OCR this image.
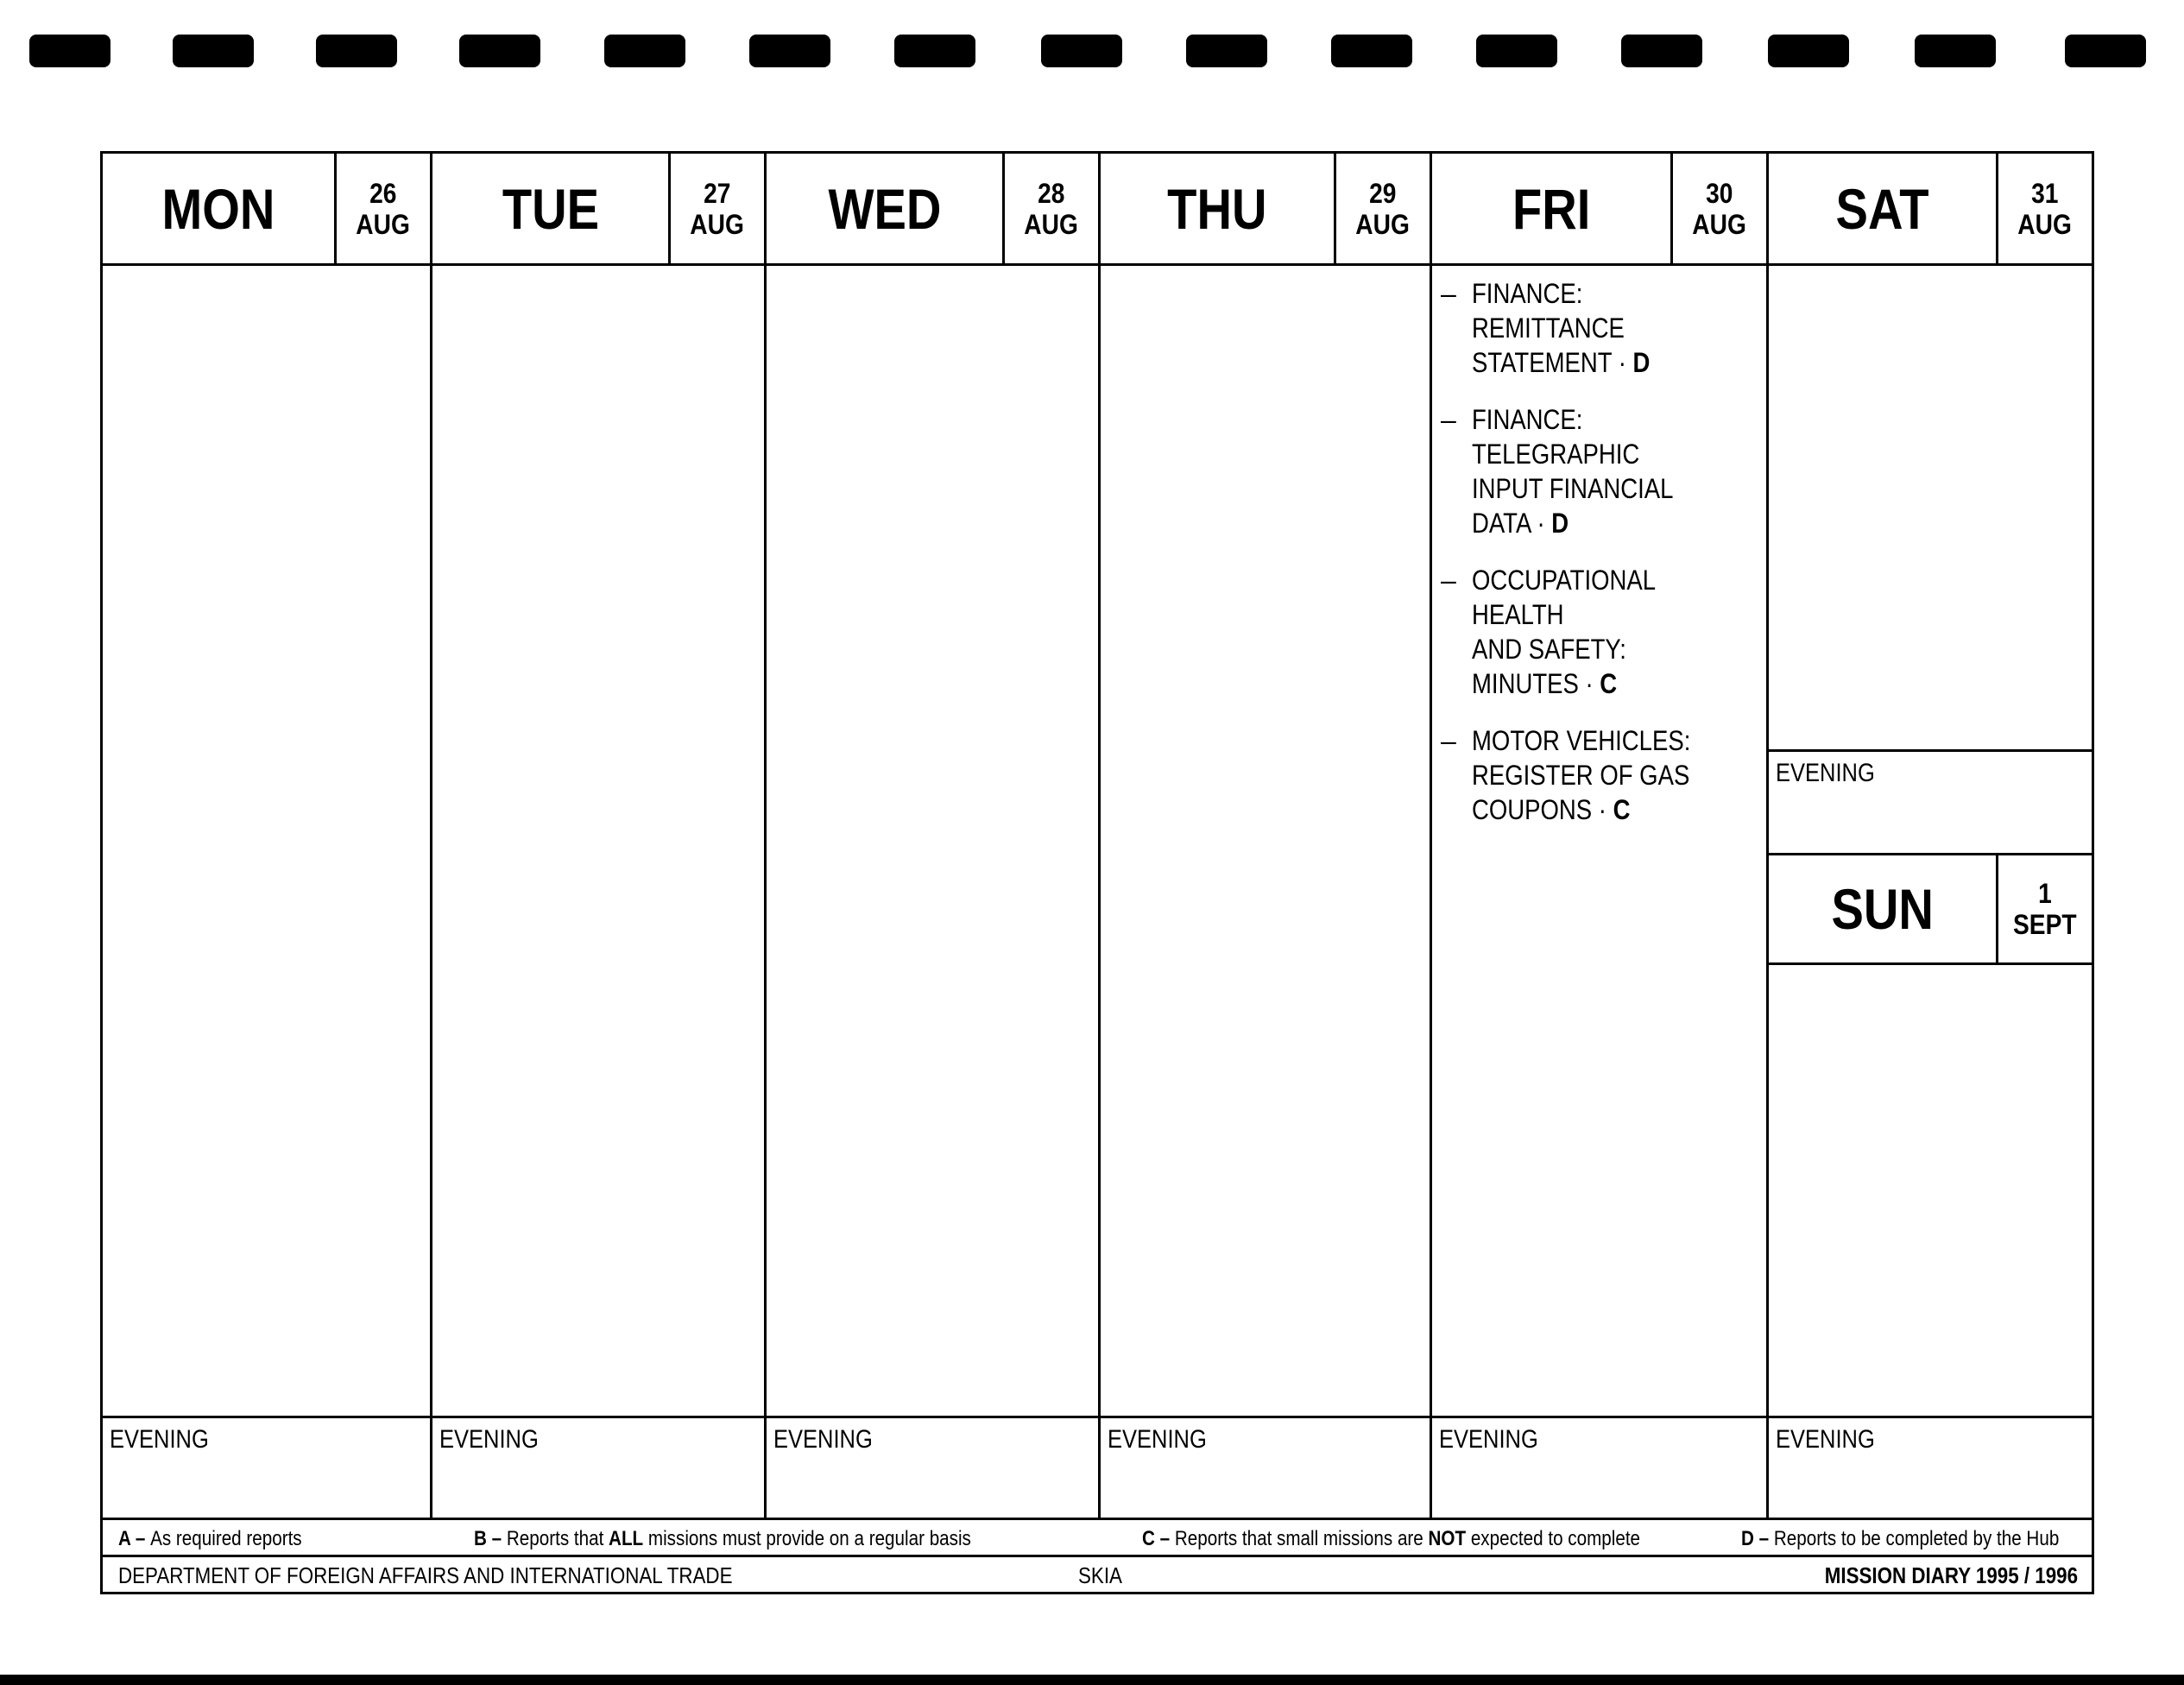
MON	26
AUG
EVENING
TUE	27
AUG
EVENING
WED	28
AUG
EVENING
THU	29
AUG
EVENING
FRI	30
AUG
– FINANCE: REMITTANCE
STATEMENT · D
– FINANCE: TELEGRAPHIC
INPUT FINANCIAL
DATA · D
– OCCUPATIONAL HEALTH
AND SAFETY:
MINUTES · C
– MOTOR VEHICLES:
REGISTER OF GAS
COUPONS · C
EVENING
SAT	31
AUG
EVENING
SUN	1
SEPT
EVENING
A – As required reports	B – Reports that ALL missions must provide on a regular basis	C – Reports that small missions are NOT expected to complete	D – Reports to be completed by the Hub
DEPARTMENT OF FOREIGN AFFAIRS AND INTERNATIONAL TRADE	SKIA	MISSION DIARY 1995 / 1996
